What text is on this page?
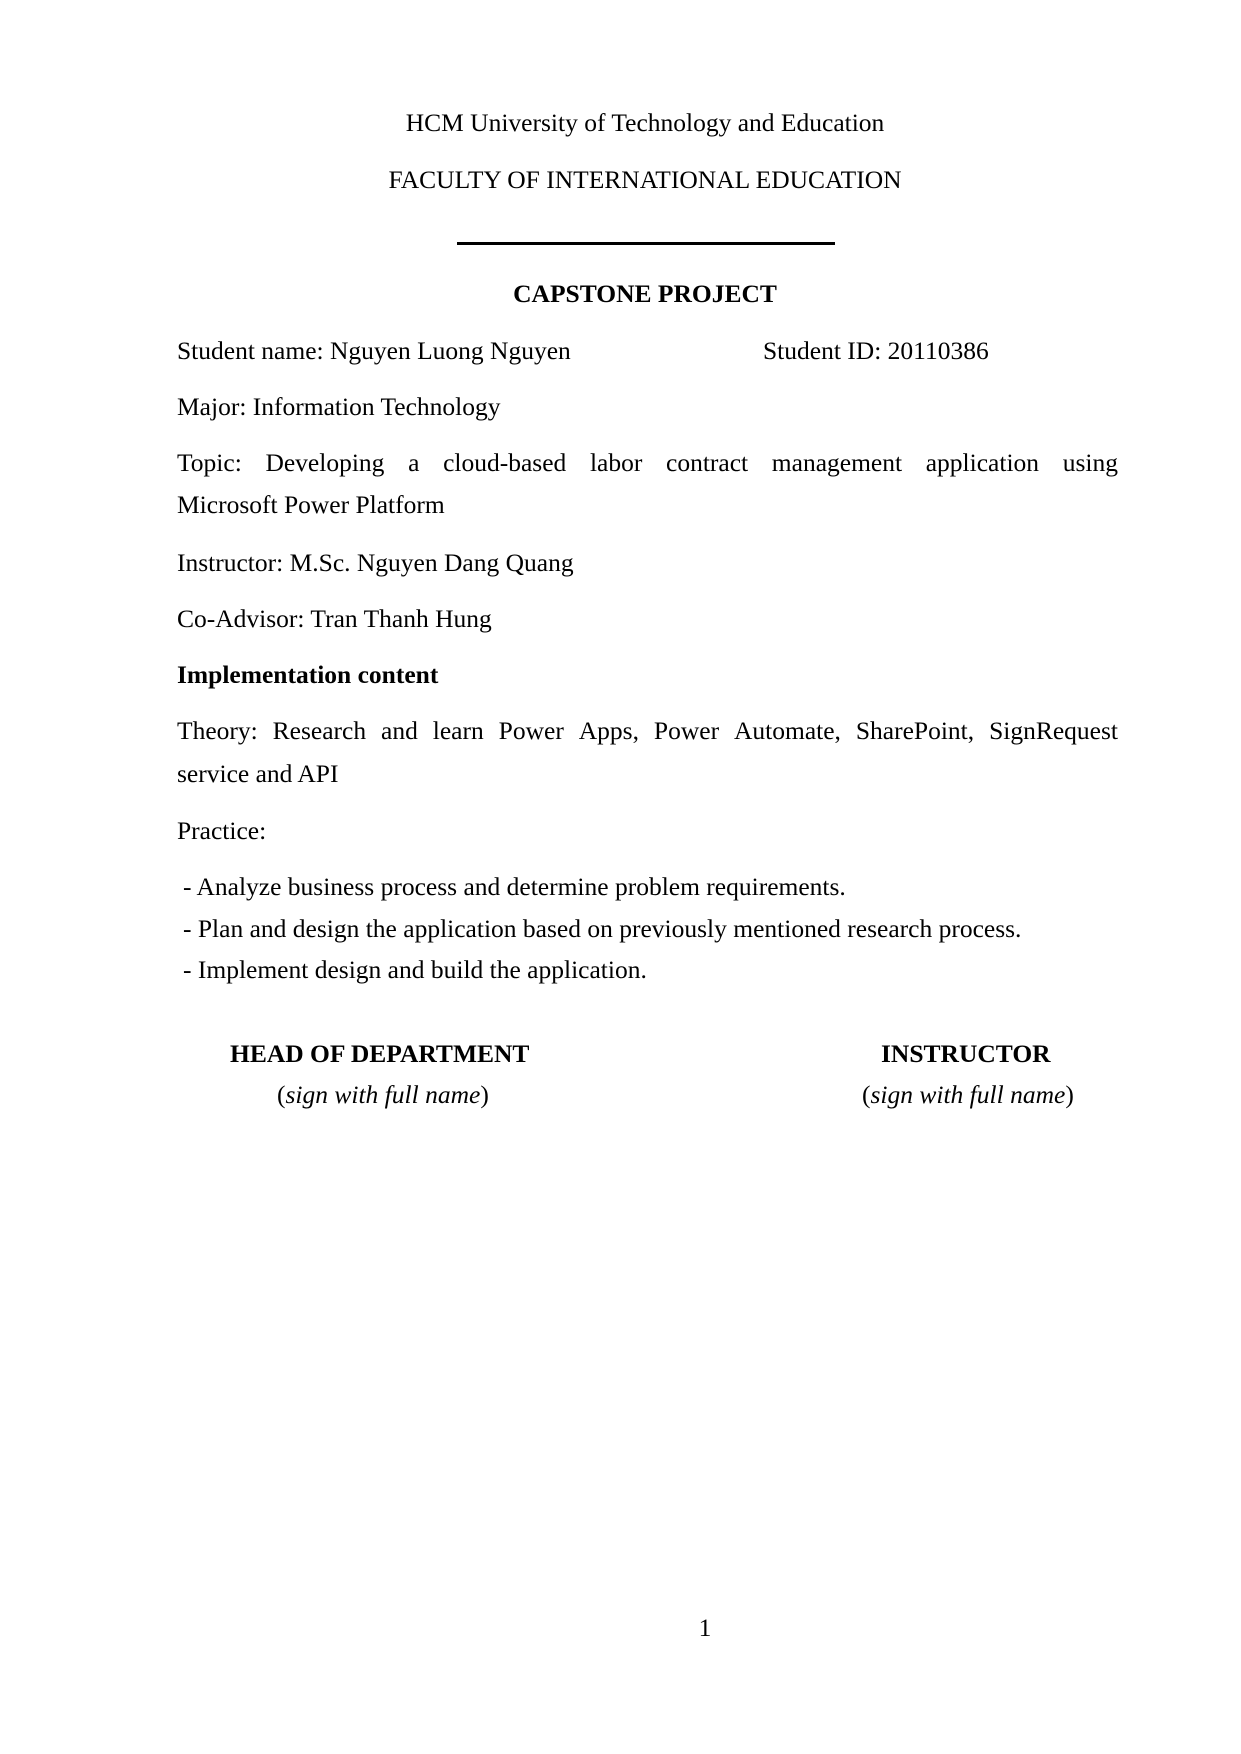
HCM University of Technology and Education
FACULTY OF INTERNATIONAL EDUCATION
CAPSTONE PROJECT
Student name: Nguyen Luong Nguyen	Student ID: 20110386
Major: Information Technology
Topic: Developing a cloud-based labor contract management application using
Microsoft Power Platform
Instructor: M.Sc. Nguyen Dang Quang
Co-Advisor: Tran Thanh Hung
Implementation content
Theory: Research and learn Power Apps, Power Automate, SharePoint, SignRequest
service and API
Practice:
- Analyze business process and determine problem requirements.
- Plan and design the application based on previously mentioned research process.
- Implement design and build the application.
HEAD OF DEPARTMENT
(sign with full name)
INSTRUCTOR
(sign with full name)
1
